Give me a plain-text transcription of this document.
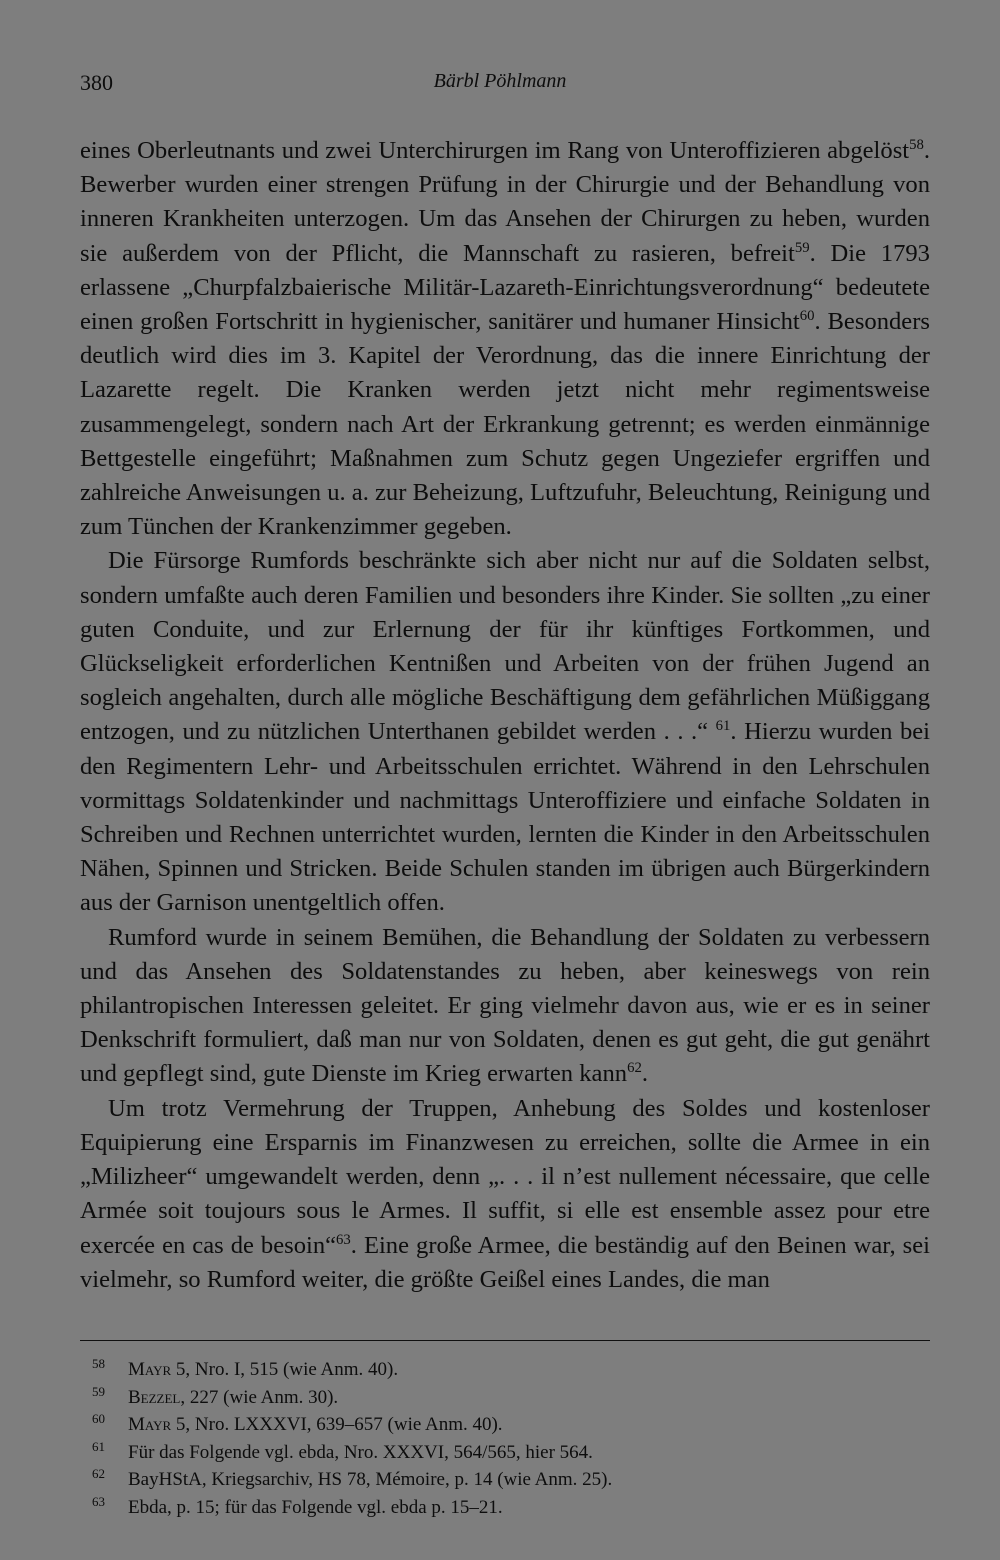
380	Bärbl Pöhlmann

eines Oberleutnants und zwei Unterchirurgen im Rang von Unteroffizieren abgelöst$^{58}$. Bewerber wurden einer strengen Prüfung in der Chirurgie und der Behandlung von inneren Krankheiten unterzogen. Um das Ansehen der Chirurgen zu heben, wurden sie außerdem von der Pflicht, die Mannschaft zu rasieren, befreit$^{59}$. Die 1793 erlassene „Churpfalzbaierische Militär-Lazareth-Einrichtungsverordnung“ bedeutete einen großen Fortschritt in hygienischer, sanitärer und humaner Hinsicht$^{60}$. Besonders deutlich wird dies im 3. Kapitel der Verordnung, das die innere Einrichtung der Lazarette regelt. Die Kranken werden jetzt nicht mehr regimentsweise zusammengelegt, sondern nach Art der Erkrankung getrennt; es werden einmännige Bettgestelle eingeführt; Maßnahmen zum Schutz gegen Ungeziefer ergriffen und zahlreiche Anweisungen u. a. zur Beheizung, Luftzufuhr, Beleuchtung, Reinigung und zum Tünchen der Krankenzimmer gegeben.

Die Fürsorge Rumfords beschränkte sich aber nicht nur auf die Soldaten selbst, sondern umfaßte auch deren Familien und besonders ihre Kinder. Sie sollten „zu einer guten Conduite, und zur Erlernung der für ihr künftiges Fortkommen, und Glückseligkeit erforderlichen Kentnißen und Arbeiten von der frühen Jugend an sogleich angehalten, durch alle mögliche Beschäftigung dem gefährlichen Müßiggang entzogen, und zu nützlichen Unterthanen gebildet werden . . .“ $^{61}$. Hierzu wurden bei den Regimentern Lehr- und Arbeitsschulen errichtet. Während in den Lehrschulen vormittags Soldatenkinder und nachmittags Unteroffiziere und einfache Soldaten in Schreiben und Rechnen unterrichtet wurden, lernten die Kinder in den Arbeitsschulen Nähen, Spinnen und Stricken. Beide Schulen standen im übrigen auch Bürgerkindern aus der Garnison unentgeltlich offen.

Rumford wurde in seinem Bemühen, die Behandlung der Soldaten zu verbessern und das Ansehen des Soldatenstandes zu heben, aber keineswegs von rein philantropischen Interessen geleitet. Er ging vielmehr davon aus, wie er es in seiner Denkschrift formuliert, daß man nur von Soldaten, denen es gut geht, die gut genährt und gepflegt sind, gute Dienste im Krieg erwarten kann$^{62}$.

Um trotz Vermehrung der Truppen, Anhebung des Soldes und kostenloser Equipierung eine Ersparnis im Finanzwesen zu erreichen, sollte die Armee in ein „Milizheer“ umgewandelt werden, denn „. . . il n’est nullement nécessaire, que celle Armée soit toujours sous le Armes. Il suffit, si elle est ensemble assez pour etre exercée en cas de besoin“$^{63}$. Eine große Armee, die beständig auf den Beinen war, sei vielmehr, so Rumford weiter, die größte Geißel eines Landes, die man

58	Mayr 5, Nro. I, 515 (wie Anm. 40).
59	Bezzel, 227 (wie Anm. 30).
60	Mayr 5, Nro. LXXXVI, 639–657 (wie Anm. 40).
61	Für das Folgende vgl. ebda, Nro. XXXVI, 564/565, hier 564.
62	BayHStA, Kriegsarchiv, HS 78, Mémoire, p. 14 (wie Anm. 25).
63	Ebda, p. 15; für das Folgende vgl. ebda p. 15–21.
